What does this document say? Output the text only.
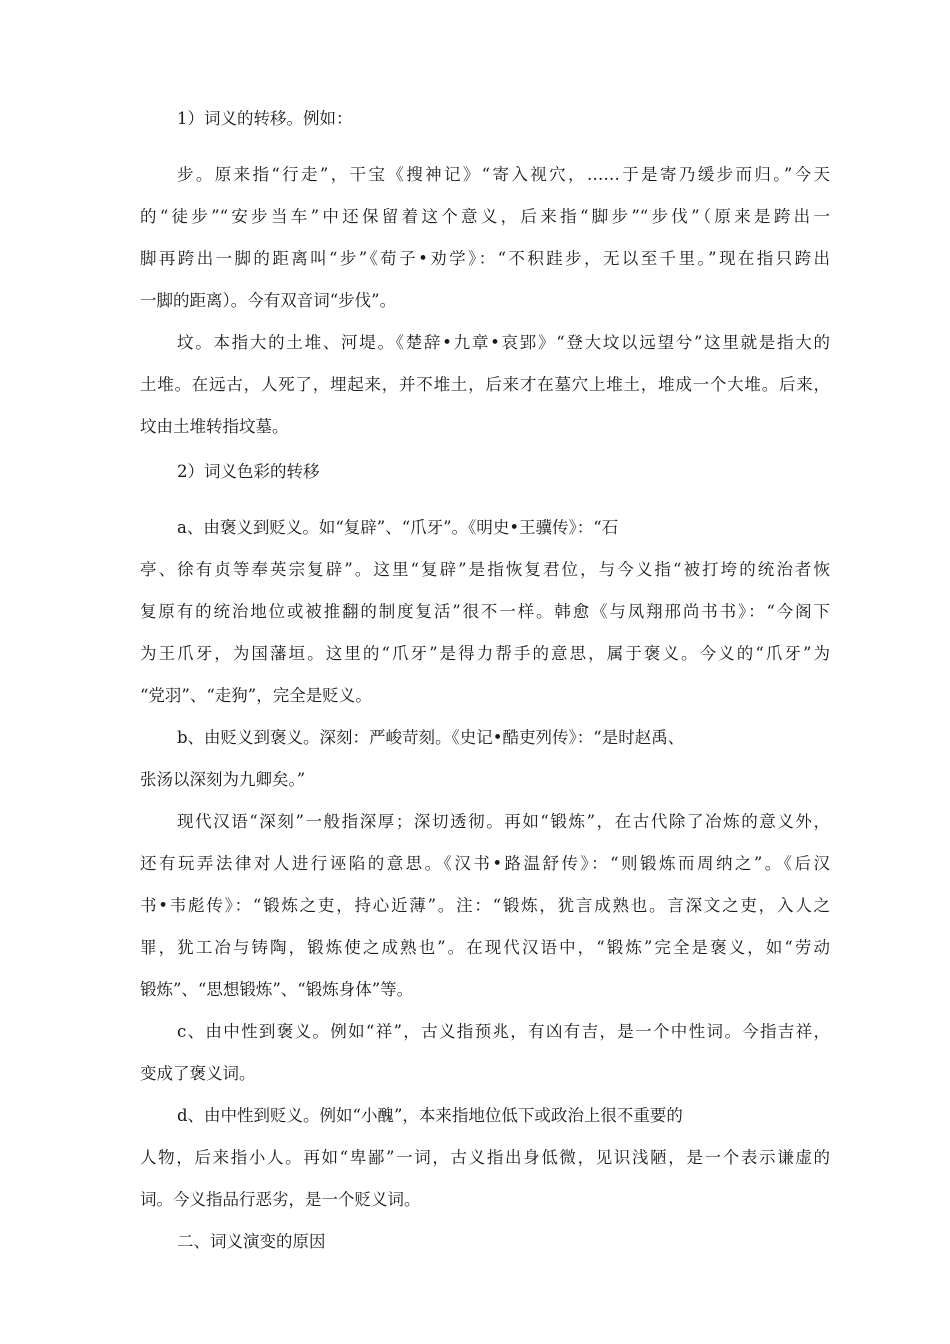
1）词义的转移。例如：

步。原来指“行走”，干宝《搜神记》“寄入视穴，……于是寄乃缓步而归。”今天

的“徒步”“安步当车”中还保留着这个意义，后来指“脚步”“步伐”（原来是跨出一

脚再跨出一脚的距离叫“步”《荀子•劝学》：“不积跬步，无以至千里。”现在指只跨出

一脚的距离）。今有双音词“步伐”。

坟。本指大的土堆、河堤。《楚辞•九章•哀郢》“登大坟以远望兮”这里就是指大的

土堆。在远古，人死了，埋起来，并不堆土，后来才在墓穴上堆土，堆成一个大堆。后来，

坟由土堆转指坟墓。

2）词义色彩的转移

a、由褒义到贬义。如“复辟”、“爪牙”。《明史•王骥传》：“石

亭、徐有贞等奉英宗复辟”。这里“复辟”是指恢复君位，与今义指“被打垮的统治者恢

复原有的统治地位或被推翻的制度复活”很不一样。韩愈《与凤翔邢尚书书》：“今阁下

为王爪牙，为国藩垣。这里的“爪牙”是得力帮手的意思，属于褒义。今义的“爪牙”为

“党羽”、“走狗”，完全是贬义。

b、由贬义到褒义。深刻：严峻苛刻。《史记•酷吏列传》：“是时赵禹、

张汤以深刻为九卿矣。”

现代汉语“深刻”一般指深厚；深切透彻。再如“锻炼”，在古代除了冶炼的意义外，

还有玩弄法律对人进行诬陷的意思。《汉书•路温舒传》：“则锻炼而周纳之”。《后汉

书•韦彪传》：“锻炼之吏，持心近薄”。注：“锻炼，犹言成熟也。言深文之吏，入人之

罪，犹工冶与铸陶，锻炼使之成熟也”。在现代汉语中，“锻炼”完全是褒义，如“劳动

锻炼”、“思想锻炼”、“锻炼身体”等。

c、由中性到褒义。例如“祥”，古义指预兆，有凶有吉，是一个中性词。今指吉祥，

变成了褒义词。

d、由中性到贬义。例如“小醜”，本来指地位低下或政治上很不重要的

人物，后来指小人。再如“卑鄙”一词，古义指出身低微，见识浅陋，是一个表示谦虚的

词。今义指品行恶劣，是一个贬义词。

二、词义演变的原因
